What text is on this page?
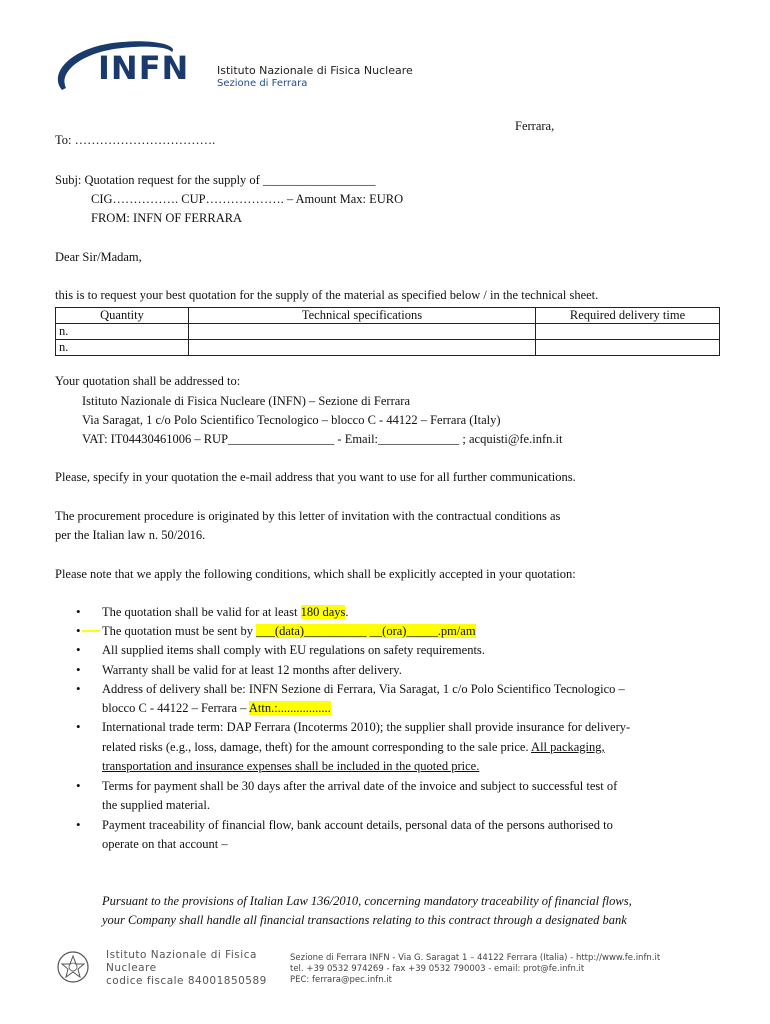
INFN	Istituto Nazionale di Fisica Nucleare
Sezione di Ferrara
Ferrara,
To: …………………………….
Subj: Quotation request for the supply of __________________
CIG……………. CUP………………. – Amount Max: EURO
FROM: INFN OF FERRARA
Dear Sir/Madam,
this is to request your best quotation for the supply of the material as specified below / in the technical sheet.
Quantity	Technical specifications	Required delivery time
n.		
n.		
Your quotation shall be addressed to:
Istituto Nazionale di Fisica Nucleare (INFN) – Sezione di Ferrara
Via Saragat, 1 c/o Polo Scientifico Tecnologico – blocco C - 44122 – Ferrara (Italy)
VAT: IT04430461006 – RUP_________________ - Email:_____________ ; acquisti@fe.infn.it
Please, specify in your quotation the e-mail address that you want to use for all further communications.
The procurement procedure is originated by this letter of invitation with the contractual conditions as
per the Italian law n. 50/2016.
Please note that we apply the following conditions, which shall be explicitly accepted in your quotation:
• The quotation shall be valid for at least 180 days.
• The quotation must be sent by ___(data)__________ __(ora)_____.pm/am
• All supplied items shall comply with EU regulations on safety requirements.
• Warranty shall be valid for at least 12 months after delivery.
• Address of delivery shall be: INFN Sezione di Ferrara, Via Saragat, 1 c/o Polo Scientifico Tecnologico –
blocco C - 44122 – Ferrara – Attn.:.................
• International trade term: DAP Ferrara (Incoterms 2010); the supplier shall provide insurance for delivery-
related risks (e.g., loss, damage, theft) for the amount corresponding to the sale price. All packaging,
transportation and insurance expenses shall be included in the quoted price.
• Terms for payment shall be 30 days after the arrival date of the invoice and subject to successful test of
the supplied material.
• Payment traceability of financial flow, bank account details, personal data of the persons authorised to
operate on that account –
Pursuant to the provisions of Italian Law 136/2010, concerning mandatory traceability of financial flows,
your Company shall handle all financial transactions relating to this contract through a designated bank
Istituto Nazionale di Fisica
Nucleare
codice fiscale 84001850589
Sezione di Ferrara INFN - Via G. Saragat 1 – 44122 Ferrara (Italia) - http://www.fe.infn.it
tel. +39 0532 974269 - fax +39 0532 790003 - email: prot@fe.infn.it
PEC: ferrara@pec.infn.it
